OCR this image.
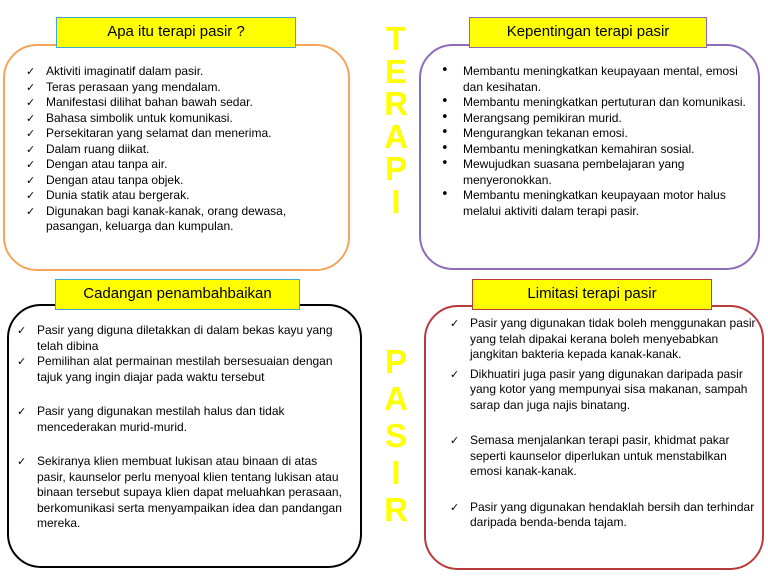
Apa itu terapi pasir ?
✓ Aktiviti imaginatif dalam pasir.
✓ Teras perasaan yang mendalam.
✓ Manifestasi dilihat bahan bawah sedar.
✓ Bahasa simbolik untuk komunikasi.
✓ Persekitaran yang selamat dan menerima.
✓ Dalam ruang diikat.
✓ Dengan atau tanpa air.
✓ Dengan atau tanpa objek.
✓ Dunia statik atau bergerak.
✓ Digunakan bagi kanak-kanak, orang dewasa, pasangan, keluarga dan kumpulan.
Kepentingan terapi pasir
• Membantu meningkatkan keupayaan mental, emosi dan kesihatan.
• Membantu meningkatkan pertuturan dan komunikasi.
• Merangsang pemikiran murid.
• Mengurangkan tekanan emosi.
• Membantu meningkatkan kemahiran sosial.
• Mewujudkan suasana pembelajaran yang menyeronokkan.
• Membantu meningkatkan keupayaan motor halus melalui aktiviti dalam terapi pasir.
T
E
R
A
P
I
P
A
S
I
R
Cadangan penambahbaikan
✓ Pasir yang diguna diletakkan di dalam bekas kayu yang telah dibina
✓ Pemilihan alat permainan mestilah bersesuaian dengan tajuk yang ingin diajar pada waktu tersebut
✓ Pasir yang digunakan mestilah halus dan tidak mencederakan murid-murid.
✓ Sekiranya klien membuat lukisan atau binaan di atas pasir, kaunselor perlu menyoal klien tentang lukisan atau binaan tersebut supaya klien dapat meluahkan perasaan, berkomunikasi serta menyampaikan idea dan pandangan mereka.
Limitasi terapi pasir
✓ Pasir yang digunakan tidak boleh menggunakan pasir yang telah dipakai kerana boleh menyebabkan jangkitan bakteria kepada kanak-kanak.
✓ Dikhuatiri juga pasir yang digunakan daripada pasir yang kotor yang mempunyai sisa makanan, sampah sarap dan juga najis binatang.
✓ Semasa menjalankan terapi pasir, khidmat pakar seperti kaunselor diperlukan untuk menstabilkan emosi kanak-kanak.
✓ Pasir yang digunakan hendaklah bersih dan terhindar daripada benda-benda tajam.
